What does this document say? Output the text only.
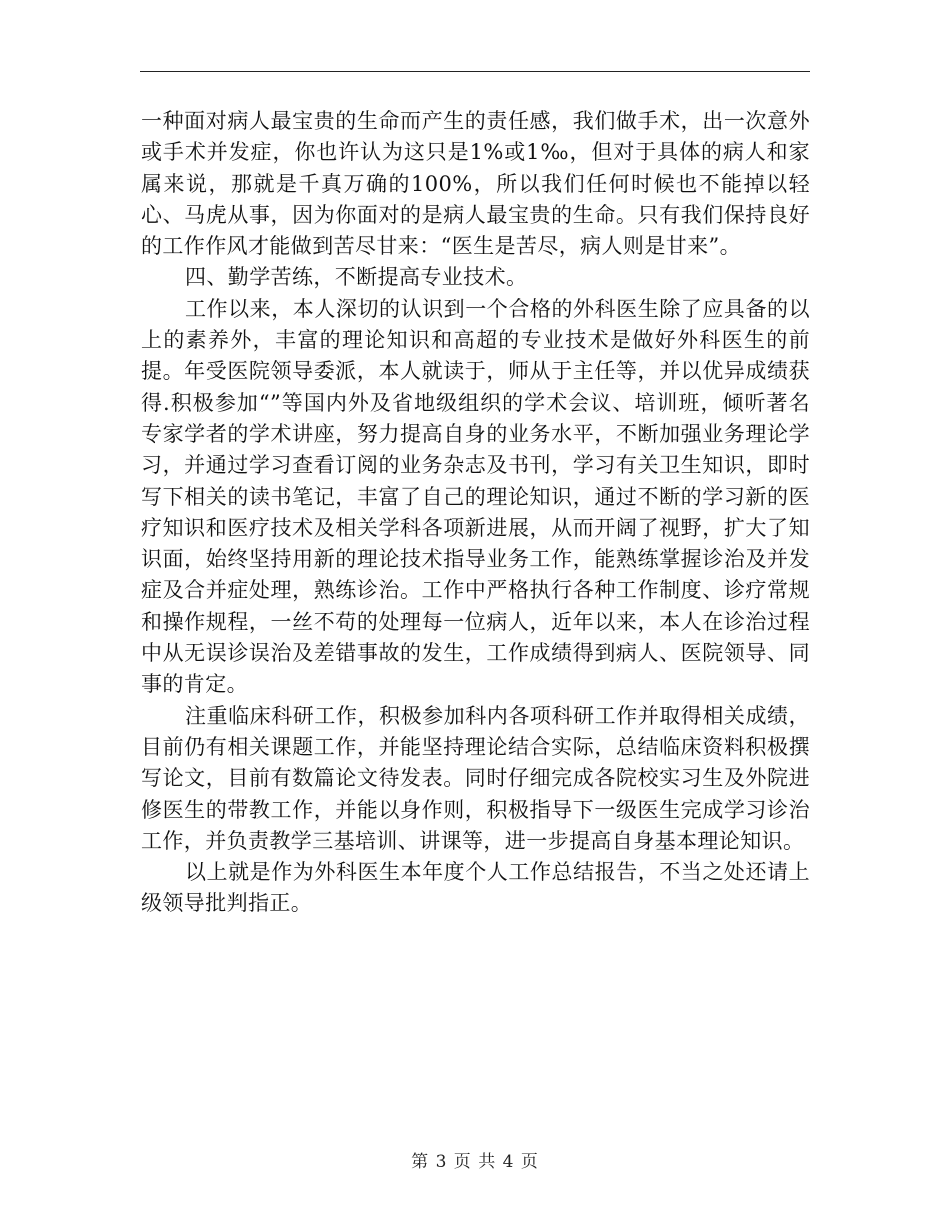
一种面对病人最宝贵的生命而产生的责任感，我们做手术，出一次意外或手术并发症，你也许认为这只是1%或1‰，但对于具体的病人和家属来说，那就是千真万确的100%，所以我们任何时候也不能掉以轻心、马虎从事，因为你面对的是病人最宝贵的生命。只有我们保持良好的工作作风才能做到苦尽甘来：“医生是苦尽，病人则是甘来”。

四、勤学苦练，不断提高专业技术。

工作以来，本人深切的认识到一个合格的外科医生除了应具备的以上的素养外，丰富的理论知识和高超的专业技术是做好外科医生的前提。年受医院领导委派，本人就读于，师从于主任等，并以优异成绩获得.积极参加“”等国内外及省地级组织的学术会议、培训班，倾听著名专家学者的学术讲座，努力提高自身的业务水平，不断加强业务理论学习，并通过学习查看订阅的业务杂志及书刊，学习有关卫生知识，即时写下相关的读书笔记，丰富了自己的理论知识，通过不断的学习新的医疗知识和医疗技术及相关学科各项新进展，从而开阔了视野，扩大了知识面，始终坚持用新的理论技术指导业务工作，能熟练掌握诊治及并发症及合并症处理，熟练诊治。工作中严格执行各种工作制度、诊疗常规和操作规程，一丝不苟的处理每一位病人，近年以来，本人在诊治过程中从无误诊误治及差错事故的发生，工作成绩得到病人、医院领导、同事的肯定。

注重临床科研工作，积极参加科内各项科研工作并取得相关成绩，目前仍有相关课题工作，并能坚持理论结合实际，总结临床资料积极撰写论文，目前有数篇论文待发表。同时仔细完成各院校实习生及外院进修医生的带教工作，并能以身作则，积极指导下一级医生完成学习诊治工作，并负责教学三基培训、讲课等，进一步提高自身基本理论知识。

以上就是作为外科医生本年度个人工作总结报告，不当之处还请上级领导批判指正。

第 3 页 共 4 页
